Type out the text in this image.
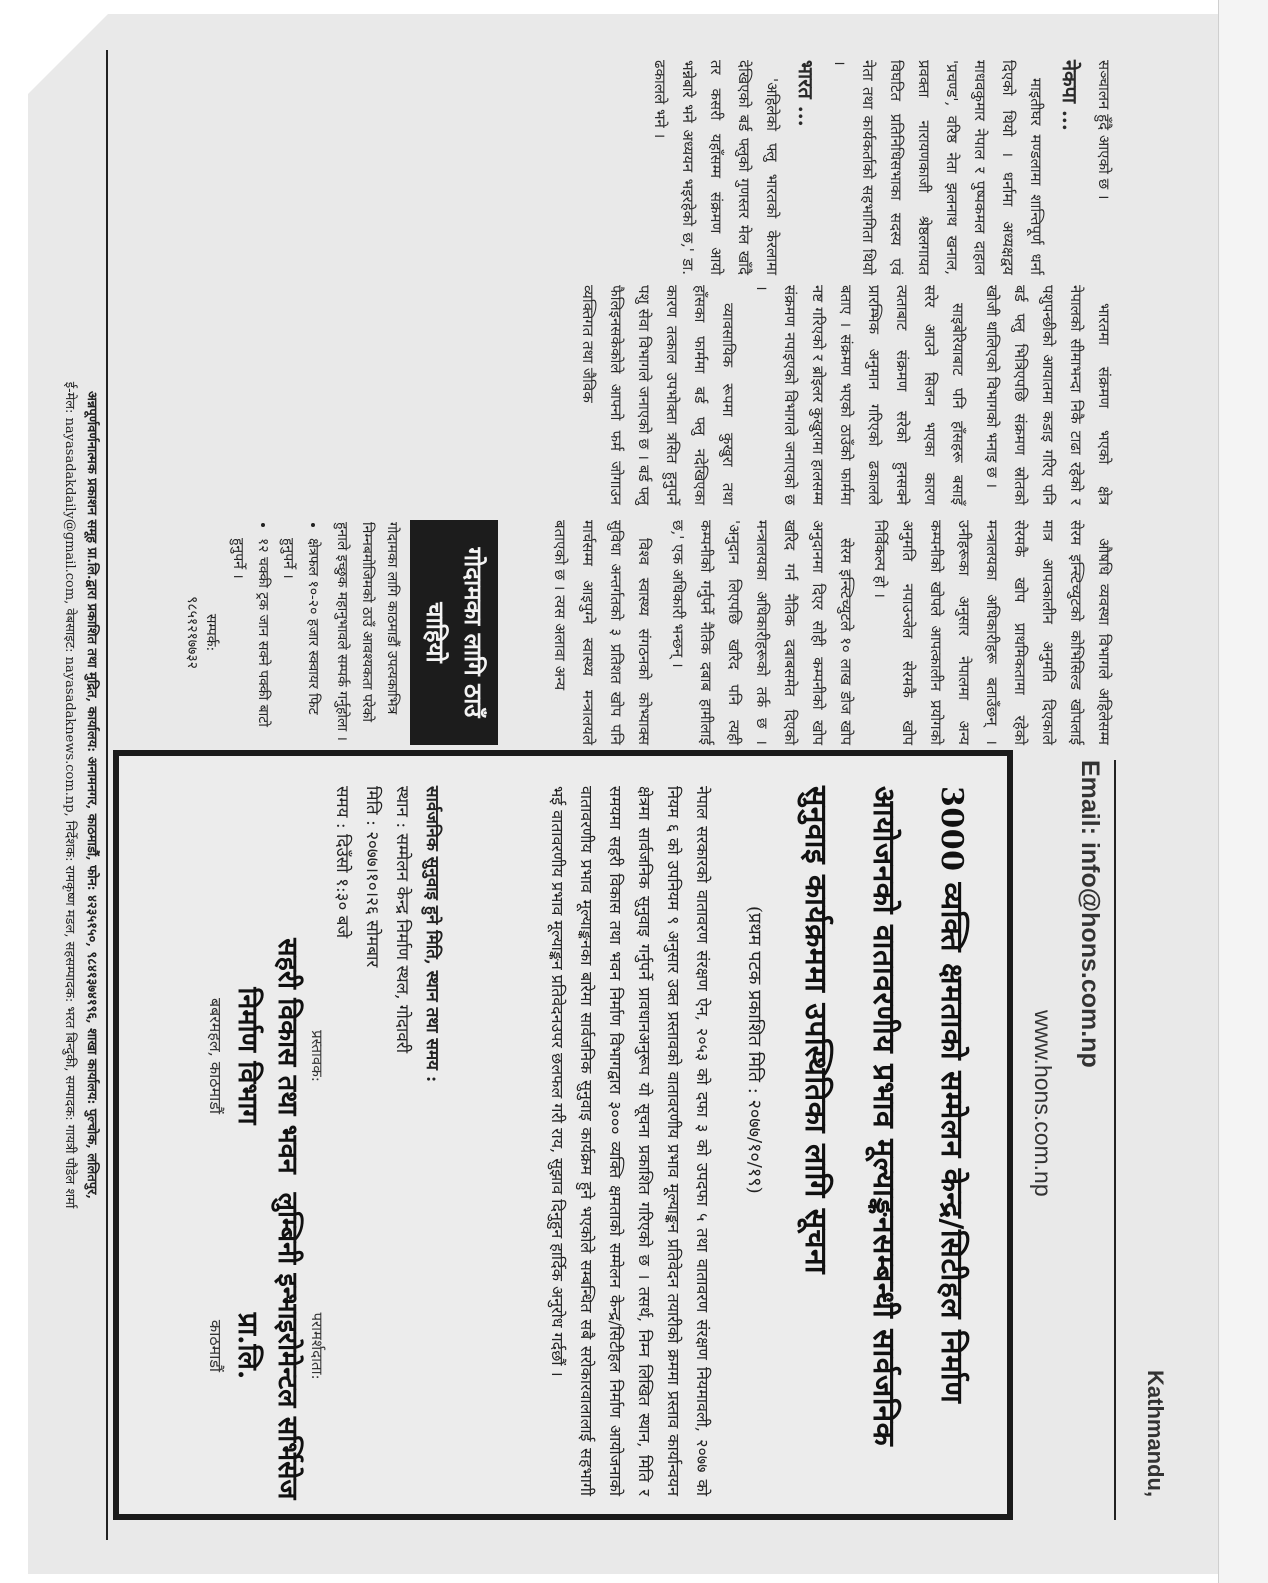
Kathmandu,
Email: info@hons.com.np
www.hons.com.np

सञ्चालन हुँदै आएको छ ।

नेकपा ...

माइतीघर मण्डलामा शान्तिपूर्ण धर्ना दिएको थियो । धर्नामा अध्यक्षद्वय माधवकुमार नेपाल र पुष्पकमल दाहाल 'प्रचण्ड', वरिष्ठ नेता झलनाथ खनाल, प्रवक्ता नारायणकाजी श्रेष्ठलगायत विघटित प्रतिनिधिसभाका सदस्य एवं नेता तथा कार्यकर्ताको सहभागिता थियो ।

भारत ...

'अहिलेको फ्लु भारतको केरलामा देखिएको बर्ड फ्लुको गुणस्तर मेल खाँदै तर कसरी यहाँसम्म संक्रमण आयो भन्नेबारे भने अध्ययन भइरहेको छ,' डा. ढकालले भने ।

भारतमा संक्रमण भएको क्षेत्र नेपालको सीमाभन्दा निकै टाढा रहेको र पशुपन्छीको आयातमा कडाइ गरिए पनि बर्ड फ्लु भित्रिएपछि संक्रमण स्रोतको खोजी थालिएको विभागको भनाइ छ ।

साइबेरियाबाट पनि हाँसहरू बसाइँ सरेर आउने सिजन भएका कारण त्यताबाट संक्रमण सरेको हुनसक्ने प्रारम्भिक अनुमान गरिएको ढकालले बताए । संक्रमण भएको ठाउँको फार्ममा नष्ट गरिएको र ब्रोइलर कुखुरामा हालसम्म संक्रमण नपाइएको विभागले जनाएको छ ।

व्यावसायिक रूपमा कुखुरा तथा हाँसका फार्ममा बर्ड फ्लु नदेखिएका कारण तत्काल उपभोक्ता त्रसित हुनुपर्ने पशु सेवा विभागले जनाएको छ । बर्ड फ्लु फैलिइनसकेकोले आफ्नो फर्म जोगाउन व्यक्तिगत तथा जैविक

औषधि व्यवस्था विभागले अहिलेसम्म सेरम इन्स्टिच्युटको कोभिसिल्ड खोपलाई मात्र आपत्कालीन अनुमति दिएकाले सेरमकै खोप प्राथमिकतामा रहेको मन्त्रालयका अधिकारीहरू बताउँछन् । उनीहरूका अनुसार नेपालमा अन्य कम्पनीको खोपले आपत्कालीन प्रयोगको अनुमति नपाउन्जेल सेरमकै खोप निर्विकल्प हो ।

सेरम इन्स्टिच्युटले १० लाख डोज खोप अनुदानमा दिएर सोही कम्पनीको खोप खरिद गर्न नैतिक दबाबसमेत दिएको मन्त्रालयका अधिकारीहरूको तर्क छ । 'अनुदान लिएपछि खरिद पनि त्यही कम्पनीको गर्नुपर्ने नैतिक दबाब हामीलाई छ,' एक अधिकारी भन्छन् ।

विश्व स्वास्थ्य संगठनको कोभ्याक्स सुविधा अन्तर्गतको ३ प्रतिशत खोप पनि मार्चसम्म आइपुग्ने स्वास्थ्य मन्त्रालयले बताएको छ । त्यस अलावा अन्य

गोदामका लागि ठाउँ चाहियो
गोदामका लागि काठमाडौं उपत्यकाभित्र निम्नबमोजिमको ठाउँ आवश्यकता परेको हुनाले इच्छुक महानुभावले सम्पर्क गर्नुहोला ।
• क्षेत्रफल १०-२० हजार स्क्वायर फिट हुनुपर्ने ।
• १२ चक्की ट्रक जान सक्ने पक्की बाटो हुनुपर्ने ।
सम्पर्क:
९८५१२१७७३२
3000 व्यक्ति क्षमताको सम्मेलन केन्द्र/सिटीहल निर्माण आयोजनको वातावरणीय प्रभाव मूल्याङ्कनसम्बन्धी सार्वजनिक सुनुवाइ कार्यक्रममा उपस्थितिका लागि सूचना
(प्रथम पटक प्रकाशित मिति : २०७७/१०/१९)
नेपाल सरकारको वातावरण संरक्षण ऐन, २०५३ को दफा ३ को उपदफा ५ तथा वातावरण संरक्षण नियमावली, २०७७ को नियम ६ को उपनियम ९ अनुसार उक्त प्रस्तावको वातावरणीय प्रभाव मूल्याङ्कन प्रतिवेदन तयारीको क्रममा प्रस्ताव कार्यान्वयन क्षेत्रमा सार्वजनिक सुनुवाइ गर्नुपर्ने प्रावधानअनुरूप यो सूचना प्रकाशित गरिएको छ । तसर्थ, निम्न लिखित स्थान, मिति र समयमा सहरी विकास तथा भवन निर्माण विभागद्वारा ३००० व्यक्ति क्षमताको सम्मेलन केन्द्र/सिटीहल निर्माण आयोजनाको वातावरणीय प्रभाव मूल्याङ्कनका बारेमा सार्वजनिक सुनुवाइ कार्यक्रम हुने भएकोले सम्बन्धित सबै सरोकारवालालाई सहभागी भई वातावरणीय प्रभाव मूल्याङ्कन प्रतिवेदनउपर छलफल गरी राय, सुझाव दिनुहुन हार्दिक अनुरोध गर्दछौं ।
सार्वजनिक सुनुवाइ हुने मिति, स्थान तथा समय :
स्थान : सम्मेलन केन्द्र निर्माण स्थल, गोदावरी
मिति : २०७७।१०।२६ सोमबार
समय : दिउँसो १:३० बजे
प्रस्तावक:
सहरी विकास तथा भवन निर्माण विभाग
बबरमहल, काठमाडौं
परामर्शदाता:
लुम्बिनी इन्भाइरोमेन्टल सर्भिसेज प्रा.लि.
काठमाडौं
अन्नपूर्णवर्णनात्मक प्रकाशन समूह प्रा.लि.द्वारा प्रकाशित तथा मुद्रित, कार्यालय: अनामनगर, काठमाडौं, फोन: ४२३५१५०, ९८४१३७४१९६, शाखा कार्यालय: पुल्चोक, ललितपुर,
ई-मेल: nayasadakdaily@gmail.com, वेबसाइट: nayasadaknews.com.np, निर्देशक: रामकृष्ण मडल, सहसम्पादक: भरत बिन्दुकी, सम्पादक: गायत्री पौडेल शर्मा
